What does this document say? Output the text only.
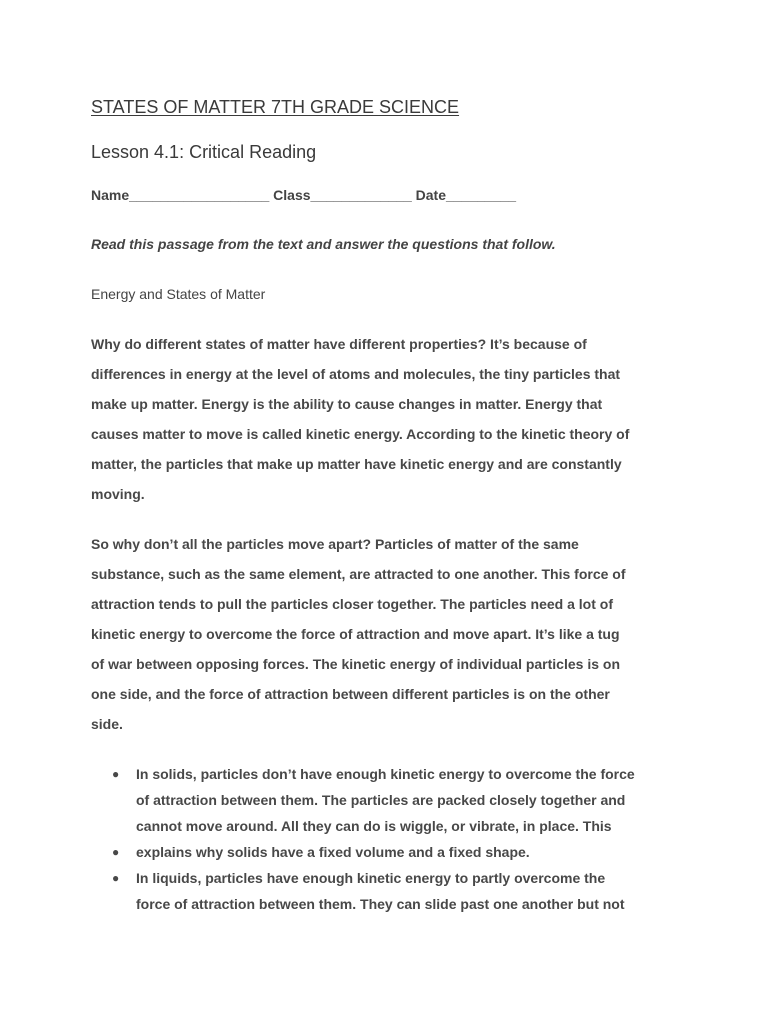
STATES OF MATTER 7TH GRADE SCIENCE
Lesson 4.1: Critical Reading
Name__________________ Class_____________ Date_________
Read this passage from the text and answer the questions that follow.
Energy and States of Matter
Why do different states of matter have different properties? It’s because of
differences in energy at the level of atoms and molecules, the tiny particles that
make up matter. Energy is the ability to cause changes in matter. Energy that
causes matter to move is called kinetic energy. According to the kinetic theory of
matter, the particles that make up matter have kinetic energy and are constantly
moving.
So why don’t all the particles move apart? Particles of matter of the same
substance, such as the same element, are attracted to one another. This force of
attraction tends to pull the particles closer together. The particles need a lot of
kinetic energy to overcome the force of attraction and move apart. It’s like a tug
of war between opposing forces. The kinetic energy of individual particles is on
one side, and the force of attraction between different particles is on the other
side.
● In solids, particles don’t have enough kinetic energy to overcome the force
of attraction between them. The particles are packed closely together and
cannot move around. All they can do is wiggle, or vibrate, in place. This
● explains why solids have a fixed volume and a fixed shape.
● In liquids, particles have enough kinetic energy to partly overcome the
force of attraction between them. They can slide past one another but not
